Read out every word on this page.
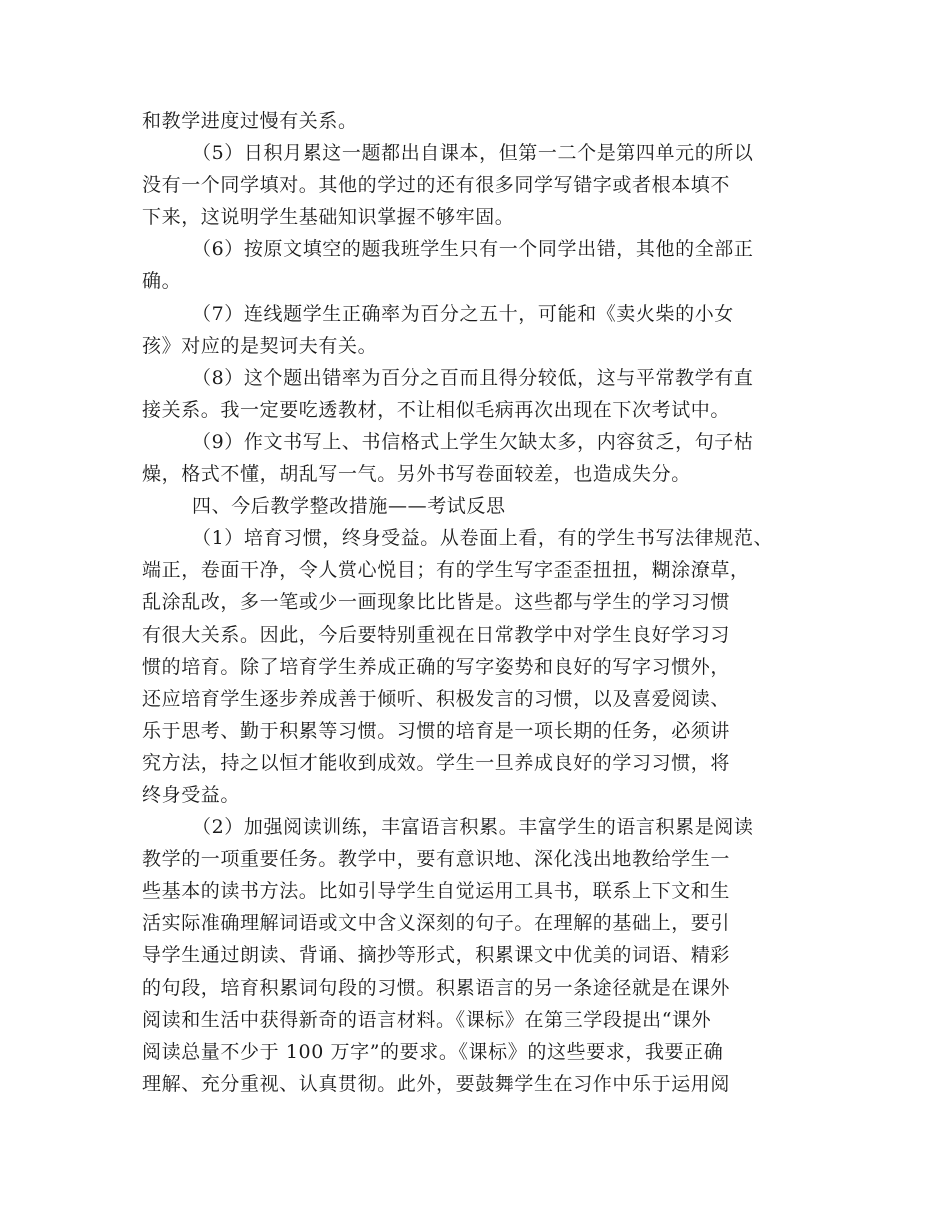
和教学进度过慢有关系。
（5）日积月累这一题都出自课本，但第一二个是第四单元的所以
没有一个同学填对。其他的学过的还有很多同学写错字或者根本填不
下来，这说明学生基础知识掌握不够牢固。
（6）按原文填空的题我班学生只有一个同学出错，其他的全部正
确。
（7）连线题学生正确率为百分之五十，可能和《卖火柴的小女
孩》对应的是契诃夫有关。
（8）这个题出错率为百分之百而且得分较低，这与平常教学有直
接关系。我一定要吃透教材，不让相似毛病再次出现在下次考试中。
（9）作文书写上、书信格式上学生欠缺太多，内容贫乏，句子枯
燥，格式不懂，胡乱写一气。另外书写卷面较差，也造成失分。
四、今后教学整改措施——考试反思
（1）培育习惯，终身受益。从卷面上看，有的学生书写法律规范、
端正，卷面干净，令人赏心悦目；有的学生写字歪歪扭扭，糊涂潦草，
乱涂乱改，多一笔或少一画现象比比皆是。这些都与学生的学习习惯
有很大关系。因此，今后要特别重视在日常教学中对学生良好学习习
惯的培育。除了培育学生养成正确的写字姿势和良好的写字习惯外，
还应培育学生逐步养成善于倾听、积极发言的习惯，以及喜爱阅读、
乐于思考、勤于积累等习惯。习惯的培育是一项长期的任务，必须讲
究方法，持之以恒才能收到成效。学生一旦养成良好的学习习惯，将
终身受益。
（2）加强阅读训练，丰富语言积累。丰富学生的语言积累是阅读
教学的一项重要任务。教学中，要有意识地、深化浅出地教给学生一
些基本的读书方法。比如引导学生自觉运用工具书，联系上下文和生
活实际准确理解词语或文中含义深刻的句子。在理解的基础上，要引
导学生通过朗读、背诵、摘抄等形式，积累课文中优美的词语、精彩
的句段，培育积累词句段的习惯。积累语言的另一条途径就是在课外
阅读和生活中获得新奇的语言材料。《课标》在第三学段提出“课外
阅读总量不少于 100 万字”的要求。《课标》的这些要求，我要正确
理解、充分重视、认真贯彻。此外，要鼓舞学生在习作中乐于运用阅
